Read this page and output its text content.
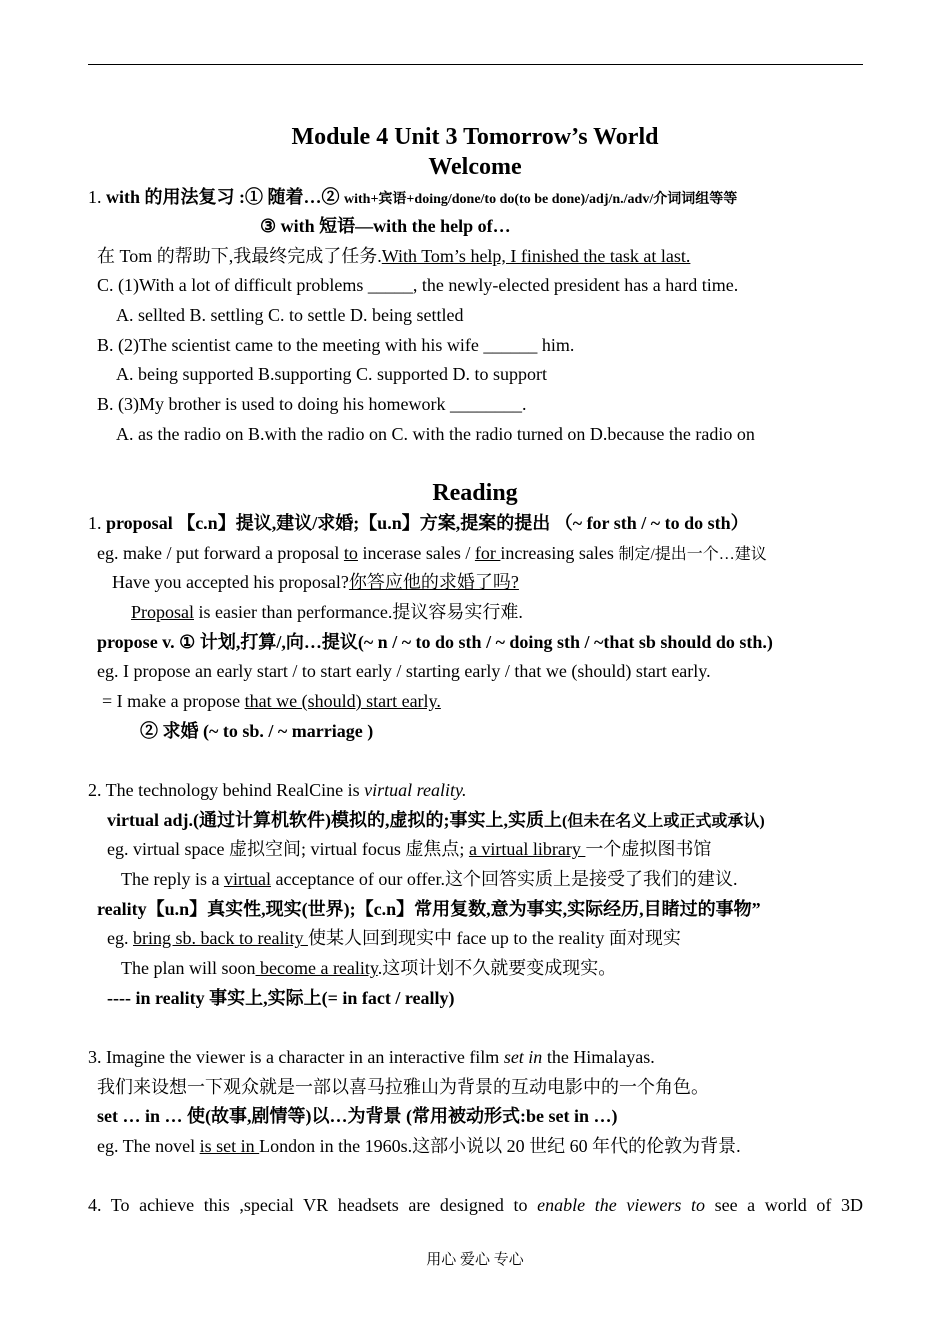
Module 4 Unit 3 Tomorrow’s World
Welcome
1. with 的用法复习 :① 随着…② with+宾语+doing/done/to do(to be done)/adj/n./adv/介词词组等等
③ with 短语—with the help of…
在 Tom 的帮助下,我最终完成了任务.With Tom’s help, I finished the task at last.
C. (1)With a lot of difficult problems _____, the newly-elected president has a hard time.
A. sellted B. settling C. to settle D. being settled
B. (2)The scientist came to the meeting with his wife ______ him.
A. being supported B.supporting C. supported D. to support
B. (3)My brother is used to doing his homework ________.
A. as the radio on B.with the radio on C. with the radio turned on D.because the radio on
Reading
1. proposal 【c.n】提议,建议/求婚;【u.n】方案,提案的提出 （~ for sth / ~ to do sth）
eg. make / put forward a proposal to incerase sales / for increasing sales 制定/提出一个…建议
Have you accepted his proposal?你答应他的求婚了吗?
Proposal is easier than performance.提议容易实行难.
propose v. ① 计划,打算/,向…提议(~ n / ~ to do sth / ~ doing sth / ~that sb should do sth.)
eg. I propose an early start / to start early / starting early / that we (should) start early.
= I make a propose that we (should) start early.
② 求婚 (~ to sb. / ~ marriage )
2. The technology behind RealCine is virtual reality.
virtual adj.(通过计算机软件)模拟的,虚拟的;事实上,实质上(但未在名义上或正式或承认)
eg. virtual space 虚拟空间; virtual focus 虚焦点; a virtual library 一个虚拟图书馆
The reply is a virtual acceptance of our offer.这个回答实质上是接受了我们的建议.
reality【u.n】真实性,现实(世界);【c.n】常用复数,意为事实,实际经历,目睹过的事物”
eg. bring sb. back to reality 使某人回到现实中 face up to the reality 面对现实
The plan will soon become a reality.这项计划不久就要变成现实。
---- in reality 事实上,实际上(= in fact / really)
3. Imagine the viewer is a character in an interactive film set in the Himalayas.
我们来设想一下观众就是一部以喜马拉雅山为背景的互动电影中的一个角色。
set … in … 使(故事,剧情等)以…为背景 (常用被动形式:be set in …)
eg. The novel is set in London in the 1960s.这部小说以 20 世纪 60 年代的伦敦为背景.
4. To achieve this ,special VR headsets are designed to enable the viewers to see a world of 3D
用心 爱心 专心
